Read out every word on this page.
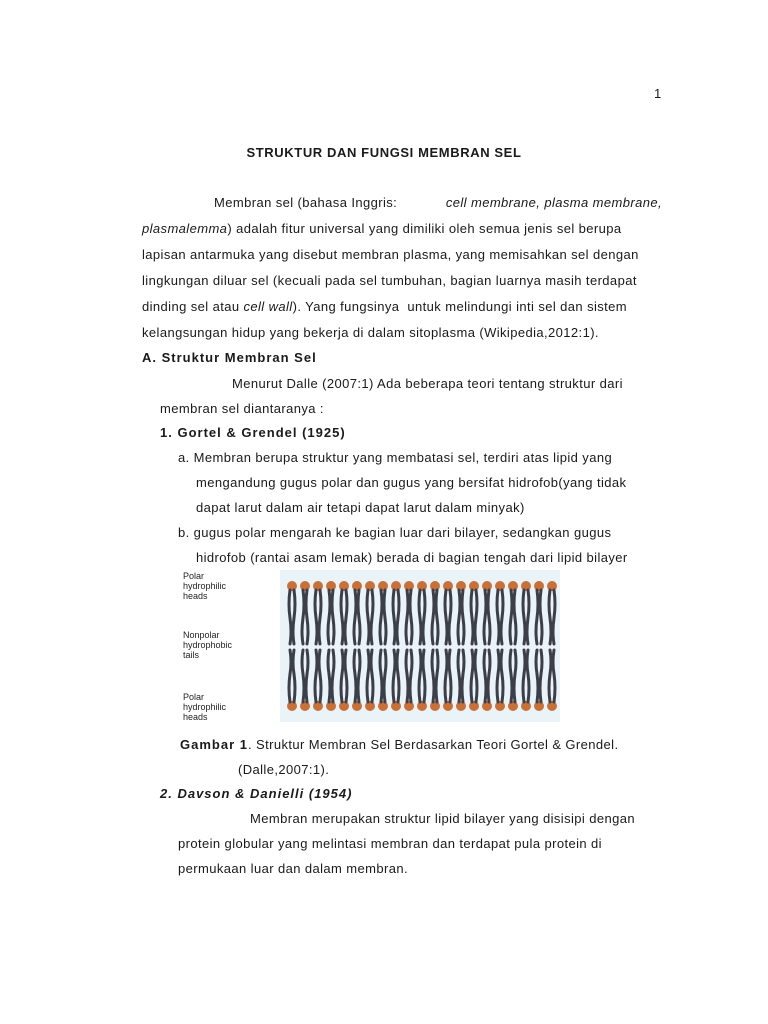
1
STRUKTUR DAN FUNGSI MEMBRAN SEL
Membran sel (bahasa Inggris:	cell membrane, plasma membrane,
plasmalemma) adalah fitur universal yang dimiliki oleh semua jenis sel berupa
lapisan antarmuka yang disebut membran plasma, yang memisahkan sel dengan
lingkungan diluar sel (kecuali pada sel tumbuhan, bagian luarnya masih terdapat
dinding sel atau cell wall). Yang fungsinya  untuk melindungi inti sel dan sistem
kelangsungan hidup yang bekerja di dalam sitoplasma (Wikipedia,2012:1).
A. Struktur Membran Sel
Menurut Dalle (2007:1) Ada beberapa teori tentang struktur dari
membran sel diantaranya :
1. Gortel & Grendel (1925)
a. Membran berupa struktur yang membatasi sel, terdiri atas lipid yang
mengandung gugus polar dan gugus yang bersifat hidrofob(yang tidak
dapat larut dalam air tetapi dapat larut dalam minyak)
b. gugus polar mengarah ke bagian luar dari bilayer, sedangkan gugus
hidrofob (rantai asam lemak) berada di bagian tengah dari lipid bilayer
Polar
hydrophilic
heads
Nonpolar
hydrophobic
tails
Polar
hydrophilic
heads
Gambar 1. Struktur Membran Sel Berdasarkan Teori Gortel & Grendel.
(Dalle,2007:1).
2. Davson & Danielli (1954)
Membran merupakan struktur lipid bilayer yang disisipi dengan
protein globular yang melintasi membran dan terdapat pula protein di
permukaan luar dan dalam membran.
